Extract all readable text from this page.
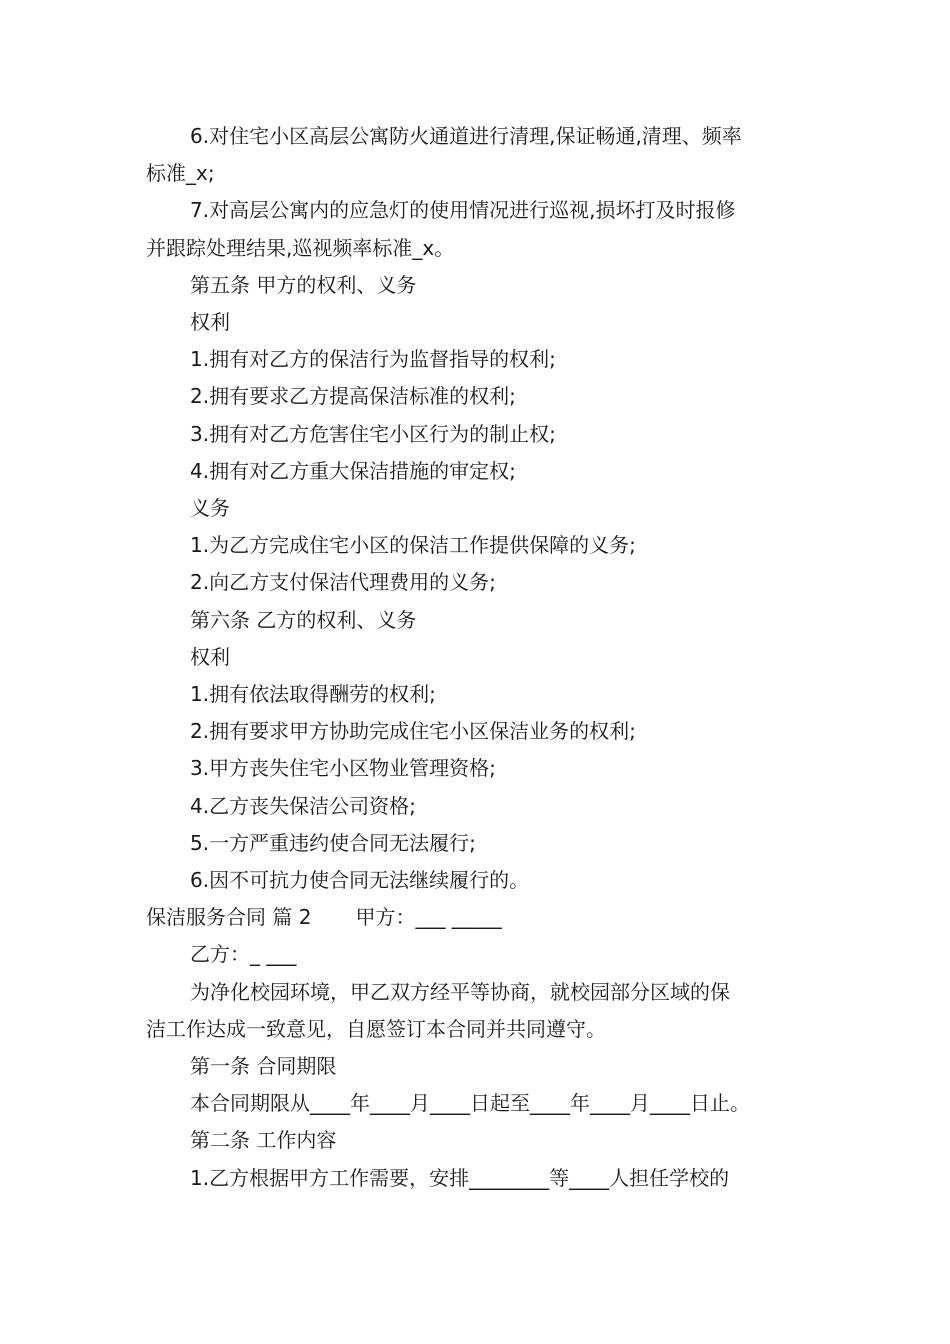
6.对住宅小区高层公寓防火通道进行清理,保证畅通,清理、频率
标准_x;
7.对高层公寓内的应急灯的使用情况进行巡视,损坏打及时报修
并跟踪处理结果,巡视频率标准_x。
第五条 甲方的权利、义务
权利
1.拥有对乙方的保洁行为监督指导的权利;
2.拥有要求乙方提高保洁标准的权利;
3.拥有对乙方危害住宅小区行为的制止权;
4.拥有对乙方重大保洁措施的审定权;
义务
1.为乙方完成住宅小区的保洁工作提供保障的义务;
2.向乙方支付保洁代理费用的义务;
第六条 乙方的权利、义务
权利
1.拥有依法取得酬劳的权利;
2.拥有要求甲方协助完成住宅小区保洁业务的权利;
3.甲方丧失住宅小区物业管理资格;
4.乙方丧失保洁公司资格;
5.一方严重违约使合同无法履行;
6.因不可抗力使合同无法继续履行的。
保洁服务合同 篇 2 甲方：___ _____
乙方：_ ___
为净化校园环境，甲乙双方经平等协商，就校园部分区域的保
洁工作达成一致意见，自愿签订本合同并共同遵守。
第一条 合同期限
本合同期限从____年____月____日起至____年____月____日止。
第二条 工作内容
1.乙方根据甲方工作需要，安排________等____人担任学校的
